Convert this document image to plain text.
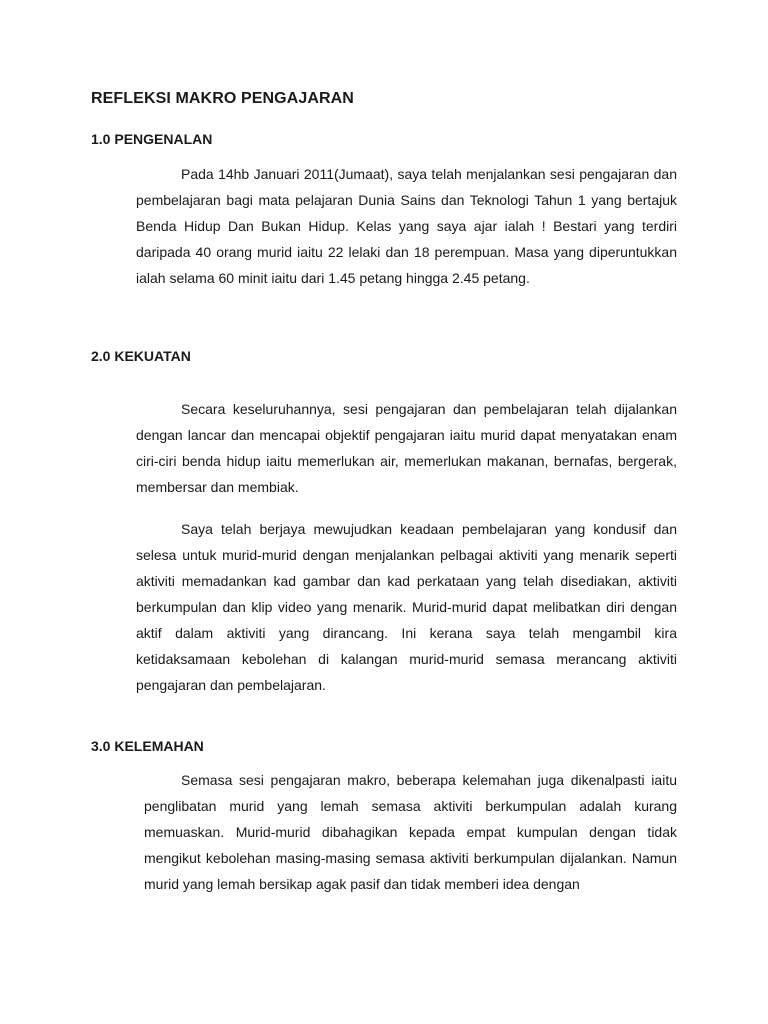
REFLEKSI MAKRO PENGAJARAN
1.0 PENGENALAN
Pada 14hb Januari 2011(Jumaat), saya telah menjalankan sesi pengajaran dan pembelajaran bagi mata pelajaran Dunia Sains dan Teknologi Tahun 1 yang bertajuk Benda Hidup Dan Bukan Hidup. Kelas yang saya ajar ialah ! Bestari yang terdiri daripada 40 orang murid iaitu 22 lelaki dan 18 perempuan. Masa yang diperuntukkan ialah selama 60 minit iaitu dari 1.45 petang hingga 2.45 petang.
2.0 KEKUATAN
Secara keseluruhannya, sesi pengajaran dan pembelajaran telah dijalankan dengan lancar dan mencapai objektif pengajaran iaitu murid dapat menyatakan enam ciri-ciri benda hidup iaitu memerlukan air, memerlukan makanan, bernafas, bergerak, membersar dan membiak.
Saya telah berjaya mewujudkan keadaan pembelajaran yang kondusif dan selesa untuk murid-murid dengan menjalankan pelbagai aktiviti yang menarik seperti aktiviti memadankan kad gambar dan kad perkataan yang telah disediakan, aktiviti berkumpulan dan klip video yang menarik. Murid-murid dapat melibatkan diri dengan aktif dalam aktiviti yang dirancang. Ini kerana saya telah mengambil kira ketidaksamaan kebolehan di kalangan murid-murid semasa merancang aktiviti pengajaran dan pembelajaran.
3.0 KELEMAHAN
Semasa sesi pengajaran makro, beberapa kelemahan juga dikenalpasti iaitu penglibatan murid yang lemah semasa aktiviti berkumpulan adalah kurang memuaskan. Murid-murid dibahagikan kepada empat kumpulan dengan tidak mengikut kebolehan masing-masing semasa aktiviti berkumpulan dijalankan. Namun murid yang lemah bersikap agak pasif dan tidak memberi idea dengan
